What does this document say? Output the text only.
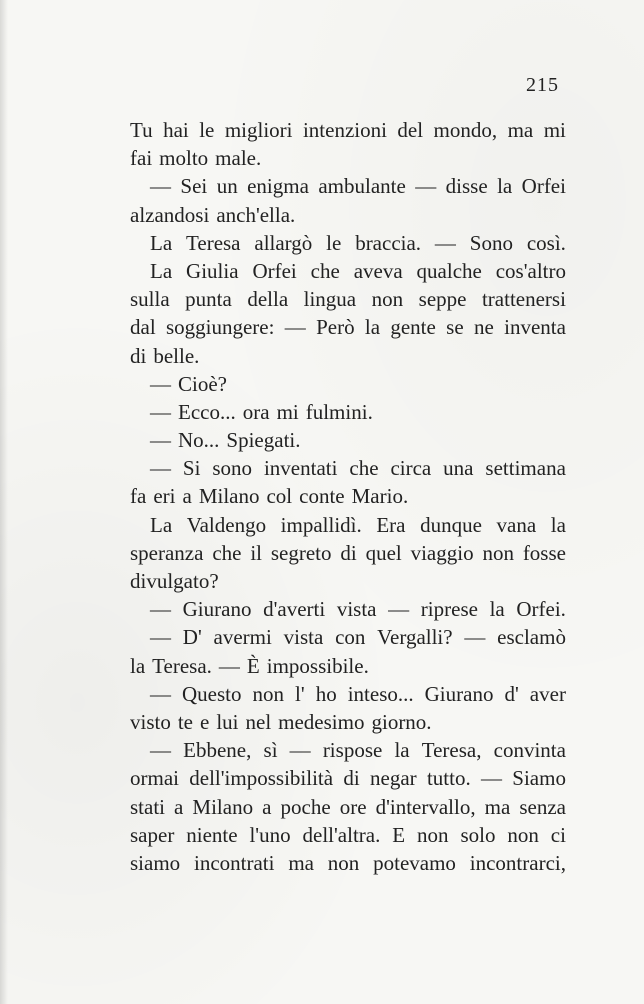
215
Tu hai le migliori intenzioni del mondo, ma mi
fai molto male.
— Sei un enigma ambulante — disse la Orfei
alzandosi anch'ella.
La Teresa allargò le braccia. — Sono così.
La Giulia Orfei che aveva qualche cos'altro
sulla punta della lingua non seppe trattenersi
dal soggiungere: — Però la gente se ne inventa
di belle.
— Cioè?
— Ecco... ora mi fulmini.
— No... Spiegati.
— Si sono inventati che circa una settimana
fa eri a Milano col conte Mario.
La Valdengo impallidì. Era dunque vana la
speranza che il segreto di quel viaggio non fosse
divulgato?
— Giurano d'averti vista — riprese la Orfei.
— D' avermi vista con Vergalli? — esclamò
la Teresa. — È impossibile.
— Questo non l' ho inteso... Giurano d' aver
visto te e lui nel medesimo giorno.
— Ebbene, sì — rispose la Teresa, convinta
ormai dell'impossibilità di negar tutto. — Siamo
stati a Milano a poche ore d'intervallo, ma senza
saper niente l'uno dell'altra. E non solo non ci
siamo incontrati ma non potevamo incontrarci,
